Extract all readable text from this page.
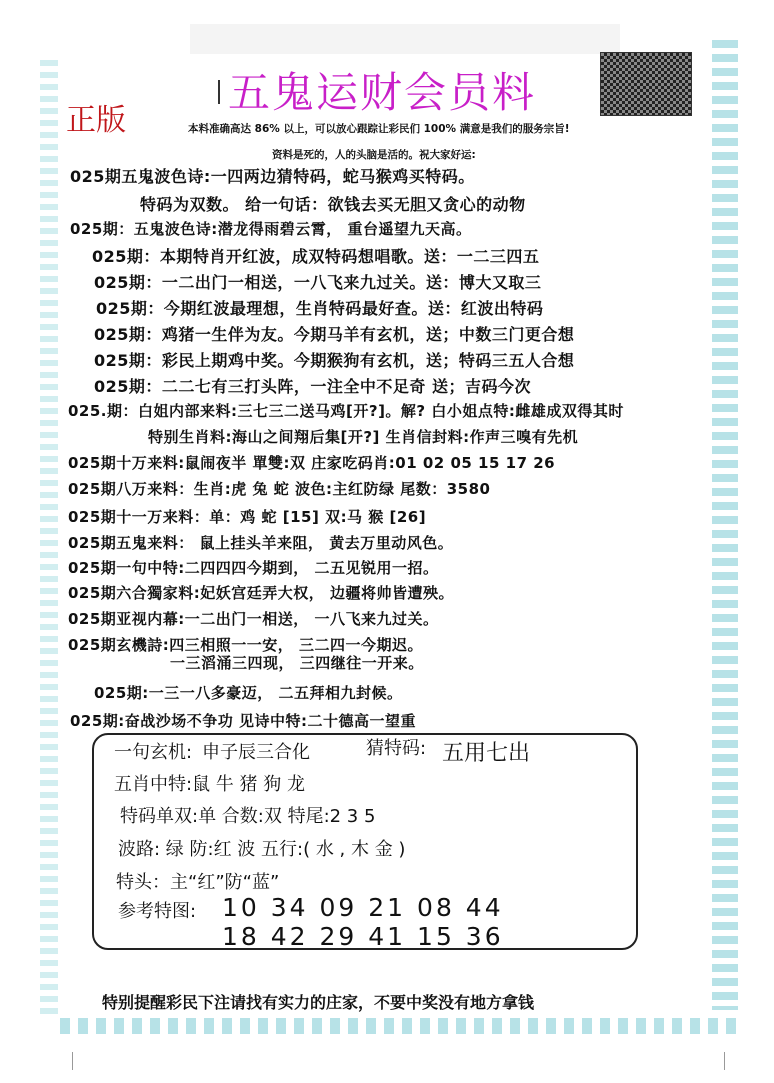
五鬼运财会员料
正版	本料准确高达 86% 以上，可以放心跟踪让彩民们 100% 满意是我们的服务宗旨!
资料是死的，人的头脑是活的。祝大家好运:
025期五鬼波色诗:一四两边猜特码，蛇马猴鸡买特码。
特码为双数。 给一句话：欲钱去买无胆又贪心的动物
025期：五鬼波色诗:潜龙得雨碧云霄， 重台遥望九天高。
025期：本期特肖开红波，成双特码想唱歌。送：一二三四五
025期：一二出门一相送，一八飞来九过关。送：博大又取三
025期：今期红波最理想，生肖特码最好查。送：红波出特码
025期：鸡猪一生伴为友。今期马羊有玄机，送；中数三门更合想
025期：彩民上期鸡中奖。今期猴狗有玄机，送；特码三五人合想
025期：二二七有三打头阵，一注全中不足奇 送；吉码今次
025.期：白姐内部来料:三七三二送马鸡[开?]。解? 白小姐点特:雌雄成双得其时
特别生肖料:海山之间翔后集[开?] 生肖信封料:作声三嗅有先机
025期十万来料:鼠闹夜半 單雙:双 庄家吃码肖:01 02 05 15 17 26
025期八万来料：生肖:虎 兔 蛇 波色:主红防绿 尾数：3580
025期十一万来料：单：鸡 蛇 [15] 双:马 猴 [26]
025期五鬼来料： 鼠上挂头羊来阻， 黄去万里动风色。
025期一句中特:二四四四今期到， 二五见锐用一招。
025期六合獨家料:妃妖宫廷弄大权， 边疆将帅皆遭殃。
025期亚视内幕:一二出门一相送， 一八飞来九过关。
025期玄機詩:四三相照一一安， 三二四一今期迟。
一三滔涌三四现， 三四继往一开来。
025期:一三一八多豪迈， 二五拜相九封候。
025期:奋战沙场不争功 见诗中特:二十德高一望重
一句玄机: 申子辰三合化	猜特码: 五用七出
五肖中特:鼠 牛 猪 狗 龙
特码单双:单 合数:双 特尾:2 3 5
波路: 绿 防:红 波 五行:( 水 , 木 金 )
特头：主“红”防“蓝”
参考特图: 10 34 09 21 08 44
18 42 29 41 15 36
特别提醒彩民下注请找有实力的庄家，不要中奖没有地方拿钱
